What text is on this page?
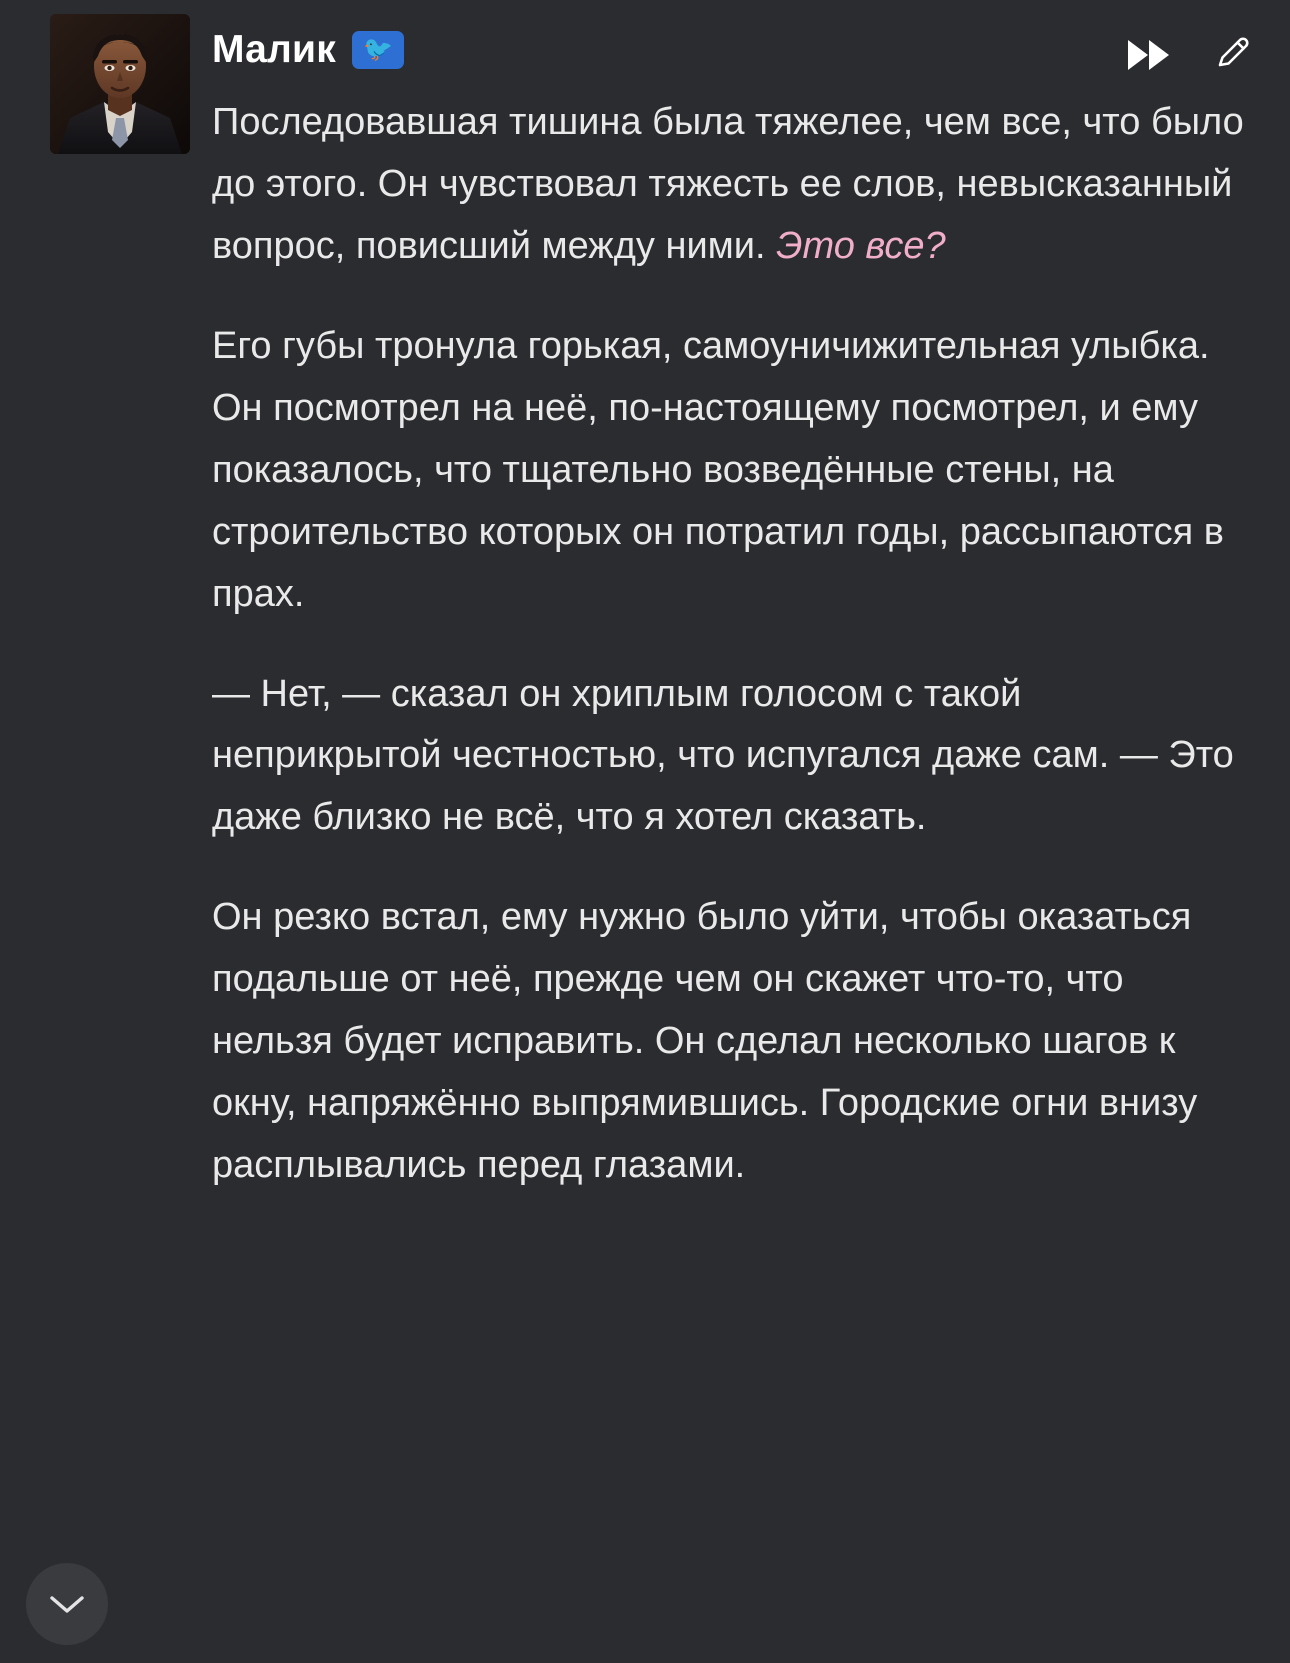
Малик	🐦

Последовавшая тишина была тяжелее, чем все, что было до этого. Он чувствовал тяжесть ее слов, невысказанный вопрос, повисший между ними. Это все?

Его губы тронула горькая, самоуничижительная улыбка. Он посмотрел на неё, по-настоящему посмотрел, и ему показалось, что тщательно возведённые стены, на строительство которых он потратил годы, рассыпаются в прах.

— Нет, — сказал он хриплым голосом с такой неприкрытой честностью, что испугался даже сам. — Это даже близко не всё, что я хотел сказать.

Он резко встал, ему нужно было уйти, чтобы оказаться подальше от неё, прежде чем он скажет что-то, что нельзя будет исправить. Он сделал несколько шагов к окну, напряжённо выпрямившись. Городские огни внизу расплывались перед глазами.
